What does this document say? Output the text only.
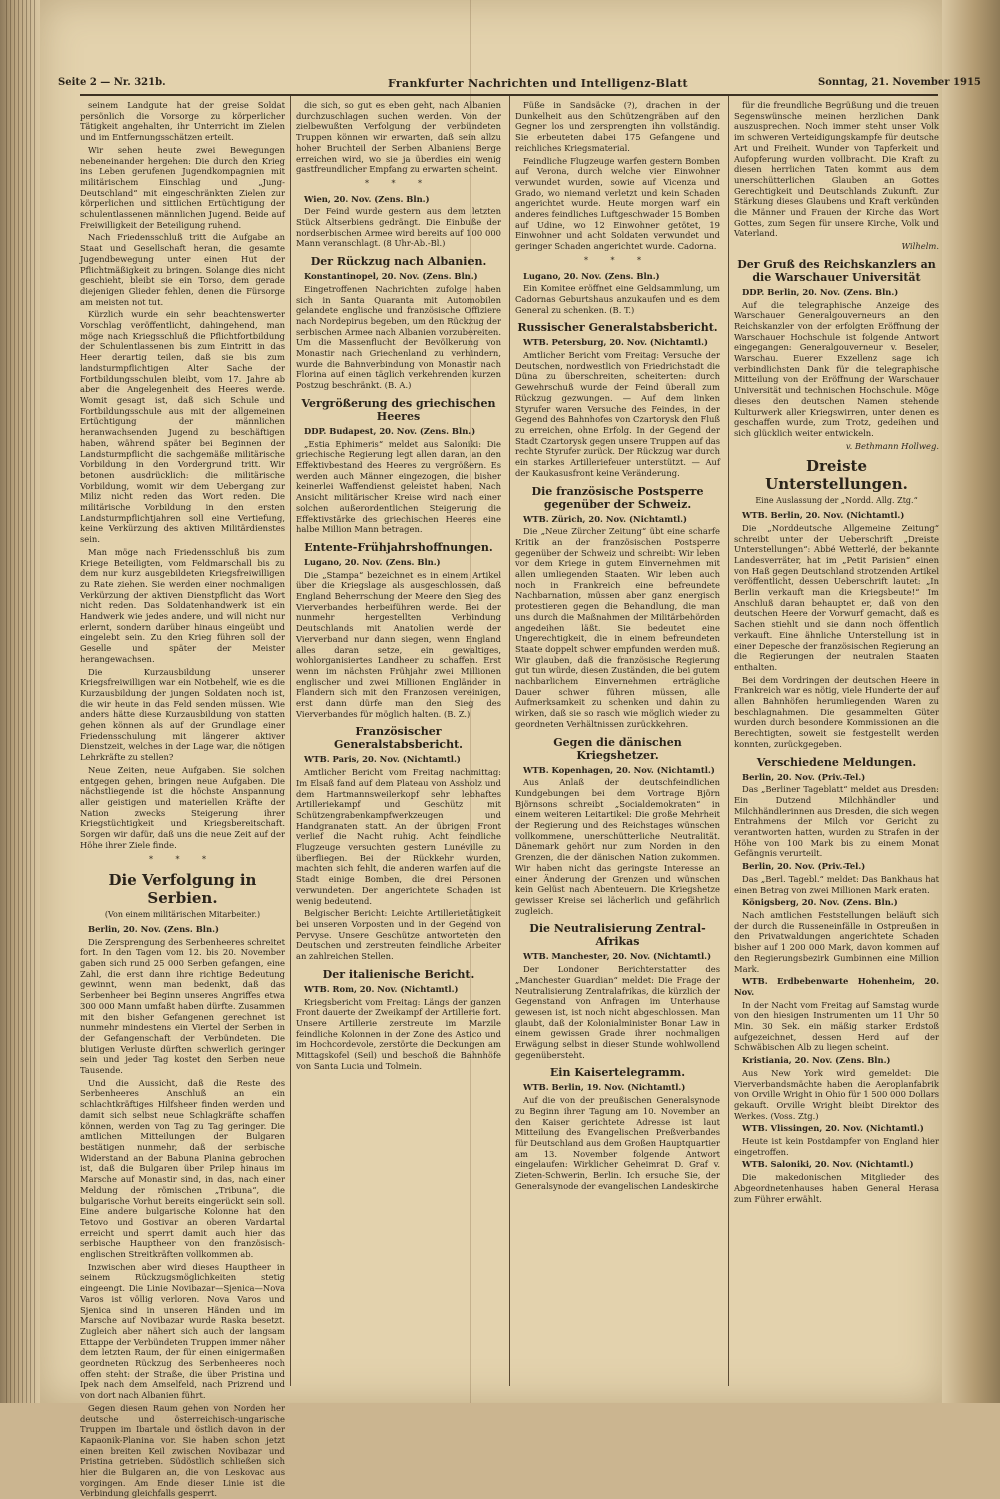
Seite 2 — Nr. 321b.	Frankfurter Nachrichten und Intelligenz-Blatt	Sonntag, 21. November 1915

seinem Landgute hat der greise Soldat persönlich die Vorsorge zu körperlicher Tätigkeit angehalten, ihr Unterricht im Zielen und im Entfernungsschätzen erteilt.

Wir sehen heute zwei Bewegungen nebeneinander hergehen: Die durch den Krieg ins Leben gerufenen Jugendkompagnien mit militärischem Einschlag und „Jung-Deutschland“ mit eingeschränkten Zielen zur körperlichen und sittlichen Ertüchtigung der schulentlassenen männlichen Jugend. Beide auf Freiwilligkeit der Beteiligung ruhend.

Nach Friedensschluß tritt die Aufgabe an Staat und Gesellschaft heran, die gesamte Jugendbewegung unter einen Hut der Pflichtmäßigkeit zu bringen. Solange dies nicht geschieht, bleibt sie ein Torso, dem gerade diejenigen Glieder fehlen, denen die Fürsorge am meisten not tut.

Kürzlich wurde ein sehr beachtenswerter Vorschlag veröffentlicht, dahingehend, man möge nach Kriegsschluß die Pflichtfortbildung der Schulentlassenen bis zum Eintritt in das Heer derartig teilen, daß sie bis zum landsturmpflichtigen Alter Sache der Fortbildungsschulen bleibt, vom 17. Jahre ab aber die Angelegenheit des Heeres werde. Womit gesagt ist, daß sich Schule und Fortbildungsschule aus mit der allgemeinen Ertüchtigung der männlichen heranwachsenden Jugend zu beschäftigen haben, während später bei Beginnen der Landsturmpflicht die sachgemäße militärische Vorbildung in den Vordergrund tritt. Wir betonen ausdrücklich: die militärische Vorbildung, womit wir dem Uebergang zur Miliz nicht reden das Wort reden. Die militärische Vorbildung in den ersten Landsturmpflichtjahren soll eine Vertiefung, keine Verkürzung des aktiven Militärdienstes sein.

Man möge nach Friedensschluß bis zum Kriege Beteiligten, vom Feldmarschall bis zu dem nur kurz ausgebildeten Kriegsfreiwilligen zu Rate ziehen. Sie werden einer nochmaligen Verkürzung der aktiven Dienstpflicht das Wort nicht reden. Das Soldatenhandwerk ist ein Handwerk wie jedes andere, und will nicht nur erlernt, sondern darüber hinaus eingeübt und eingelebt sein. Zu den Krieg führen soll der Geselle und später der Meister herangewachsen.

Die Kurzausbildung unserer Kriegsfreiwilligen war ein Notbehelf, wie es die Kurzausbildung der jungen Soldaten noch ist, die wir heute in das Feld senden müssen. Wie anders hätte diese Kurzausbildung von statten gehen können als auf der Grundlage einer Friedensschulung mit längerer aktiver Dienstzeit, welches in der Lage war, die nötigen Lehrkräfte zu stellen?

Neue Zeiten, neue Aufgaben. Sie solchen entgegen gehen, bringen neue Aufgaben. Die nächstliegende ist die höchste Anspannung aller geistigen und materiellen Kräfte der Nation zwecks Steigerung ihrer Kriegstüchtigkeit und Kriegsbereitschaft. Sorgen wir dafür, daß uns die neue Zeit auf der Höhe ihrer Ziele finde.

* * *
Die Verfolgung in Serbien.
(Von einem militärischen Mitarbeiter.)

Berlin, 20. Nov. (Zens. Bln.)

Die Zersprengung des Serbenheeres schreitet fort. In den Tagen vom 12. bis 20. November gaben sich rund 25 000 Serben gefangen, eine Zahl, die erst dann ihre richtige Bedeutung gewinnt, wenn man bedenkt, daß das Serbenheer bei Beginn unseres Angriffes etwa 300 000 Mann umfaßt haben dürfte. Zusammen mit den bisher Gefangenen gerechnet ist nunmehr mindestens ein Viertel der Serben in der Gefangenschaft der Verbündeten. Die blutigen Verluste dürften schwerlich geringer sein und jeder Tag kostet den Serben neue Tausende.

Und die Aussicht, daß die Reste des Serbenheeres Anschluß an ein schlachtkräftiges Hilfsheer finden werden und damit sich selbst neue Schlagkräfte schaffen können, werden von Tag zu Tag geringer. Die amtlichen Mitteilungen der Bulgaren bestätigen nunmehr, daß der serbische Widerstand an der Babuna Planina gebrochen ist, daß die Bulgaren über Prilep hinaus im Marsche auf Monastir sind, in das, nach einer Meldung der römischen „Tribuna“, die bulgarische Vorhut bereits eingerückt sein soll. Eine andere bulgarische Kolonne hat den Tetovo und Gostivar an oberen Vardartal erreicht und sperrt damit auch hier das serbische Hauptheer von den französisch-englischen Streitkräften vollkommen ab.

Inzwischen aber wird dieses Hauptheer in seinem Rückzugsmöglichkeiten stetig eingeengt. Die Linie Novibazar—Sjenica—Nova Varos ist völlig verloren. Nova Varos und Sjenica sind in unseren Händen und im Marsche auf Novibazar wurde Raska besetzt. Zugleich aber nähert sich auch der langsam Ettappe der Verbündeten Truppen immer näher dem letzten Raum, der für einen einigermaßen geordneten Rückzug des Serbenheeres noch offen steht: der Straße, die über Pristina und Ipek nach dem Amselfeld, nach Prizrend und von dort nach Albanien führt.

Gegen diesen Raum gehen von Norden her deutsche und österreichisch-ungarische Truppen im Ibartale und östlich davon in der Kapaonik-Planina vor. Sie haben schon jetzt einen breiten Keil zwischen Novibazar und Pristina getrieben. Südöstlich schließen sich hier die Bulgaren an, die von Leskovac aus vorgingen. Am Ende dieser Linie ist die Verbindung gleichfalls gesperrt.

die sich, so gut es eben geht, nach Albanien durchzuschlagen suchen werden. Von der zielbewußten Verfolgung der verbündeten Truppen können wir erwarten, daß sein allzu hoher Bruchteil der Serben Albaniens Berge erreichen wird, wo sie ja überdies ein wenig gastfreundlicher Empfang zu erwarten scheint.

* * *

Wien, 20. Nov. (Zens. Bln.)

Der Feind wurde gestern aus dem letzten Stück Altserbiens gedrängt. Die Einbuße der nordserbischen Armee wird bereits auf 100 000 Mann veranschlagt. (8 Uhr-Ab.-Bl.)

Der Rückzug nach Albanien.

Konstantinopel, 20. Nov. (Zens. Bln.)

Eingetroffenen Nachrichten zufolge haben sich in Santa Quaranta mit Automobilen gelandete englische und französische Offiziere nach Nordepirus begeben, um den Rückzug der serbischen Armee nach Albanien vorzubereiten. Um die Massenflucht der Bevölkerung von Monastir nach Griechenland zu verhindern, wurde die Bahnverbindung von Monastir nach Florina auf einen täglich verkehrenden kurzen Postzug beschränkt. (B. A.)

Vergrößerung des griechischen Heeres

DDP. Budapest, 20. Nov. (Zens. Bln.)

„Estia Ephimeris“ meldet aus Saloniki: Die griechische Regierung legt allen daran, an den Effektivbestand des Heeres zu vergrößern. Es werden auch Männer eingezogen, die bisher keinerlei Waffendienst geleistet haben. Nach Ansicht militärischer Kreise wird nach einer solchen außerordentlichen Steigerung die Effektivstärke des griechischen Heeres eine halbe Million Mann betragen.

Entente-Frühjahrshoffnungen.

Lugano, 20. Nov. (Zens. Bln.)

Die „Stampa“ bezeichnet es in einem Artikel über die Kriegslage als ausgeschlossen, daß England Beherrschung der Meere den Sieg des Vierverbandes herbeiführen werde. Bei der nunmehr hergestellten Verbindung Deutschlands mit Anatolien werde der Vierverband nur dann siegen, wenn England alles daran setze, ein gewaltiges, wohlorganisiertes Landheer zu schaffen. Erst wenn im nächsten Frühjahr zwei Millionen englischer und zwei Millionen Engländer in Flandern sich mit den Franzosen vereinigen, erst dann dürfe man den Sieg des Vierverbandes für möglich halten. (B. Z.)

Französischer Generalstabsbericht.

WTB. Paris, 20. Nov. (Nichtamtl.)

Amtlicher Bericht vom Freitag nachmittag: Im Elsaß fand auf dem Plateau von Assholz und dem Hartmannsweilerkopf sehr lebhaftes Artilleriekampf und Geschütz mit Schützengrabenkampfwerkzeugen und Handgranaten statt. An der übrigen Front verlief die Nacht ruhig. Acht feindliche Flugzeuge versuchten gestern Lunéville zu überfliegen. Bei der Rückkehr wurden, machten sich fehlt, die anderen warfen auf die Stadt einige Bomben, die drei Personen verwundeten. Der angerichtete Schaden ist wenig bedeutend.

Belgischer Bericht: Leichte Artillerietätigkeit bei unseren Vorposten und in der Gegend von Pervyse. Unsere Geschütze antworteten den Deutschen und zerstreuten feindliche Arbeiter an zahlreichen Stellen.

Der italienische Bericht.

WTB. Rom, 20. Nov. (Nichtamtl.)

Kriegsbericht vom Freitag: Längs der ganzen Front dauerte der Zweikampf der Artillerie fort. Unsere Artillerie zerstreute im Marzile feindliche Kolonnen in der Zone des Astico und im Hochcordevole, zerstörte die Deckungen am Mittagskofel (Seil) und beschoß die Bahnhöfe von Santa Lucia und Tolmein.

Füße in Sandsäcke (?), drachen in der Dunkelheit aus den Schützengräben auf den Gegner los und zersprengten ihn vollständig. Sie erbeuteten dabei 175 Gefangene und reichliches Kriegsmaterial.

Feindliche Flugzeuge warfen gestern Bomben auf Verona, durch welche vier Einwohner verwundet wurden, sowie auf Vicenza und Grado, wo niemand verletzt und kein Schaden angerichtet wurde. Heute morgen warf ein anderes feindliches Luftgeschwader 15 Bomben auf Udine, wo 12 Einwohner getötet, 19 Einwohner und acht Soldaten verwundet und geringer Schaden angerichtet wurde. Cadorna.

* * *

Lugano, 20. Nov. (Zens. Bln.)

Ein Komitee eröffnet eine Geldsammlung, um Cadornas Geburtshaus anzukaufen und es dem General zu schenken. (B. T.)

Russischer Generalstabsbericht.

WTB. Petersburg, 20. Nov. (Nichtamtl.)

Amtlicher Bericht vom Freitag: Versuche der Deutschen, nordwestlich von Friedrichstadt die Düna zu überschreiten, scheiterten: durch Gewehrschuß wurde der Feind überall zum Rückzug gezwungen. — Auf dem linken Styrufer waren Versuche des Feindes, in der Gegend des Bahnhofes von Czartorysk den Fluß zu erreichen, ohne Erfolg. In der Gegend der Stadt Czartorysk gegen unsere Truppen auf das rechte Styrufer zurück. Der Rückzug war durch ein starkes Artilleriefeuer unterstützt. — Auf der Kaukasusfront keine Veränderung.

Die französische Postsperre gegenüber der Schweiz.

WTB. Zürich, 20. Nov. (Nichtamtl.)

Die „Neue Zürcher Zeitung“ übt eine scharfe Kritik an der französischen Postsperre gegenüber der Schweiz und schreibt: Wir leben vor dem Kriege in gutem Einvernehmen mit allen umliegenden Staaten. Wir leben auch noch in Frankreich eine befreundete Nachbarnation, müssen aber ganz energisch protestieren gegen die Behandlung, die man uns durch die Maßnahmen der Militärbehörden angedeihen läßt. Sie bedeutet eine Ungerechtigkeit, die in einem befreundeten Staate doppelt schwer empfunden werden muß. Wir glauben, daß die französische Regierung gut tun würde, diesen Zuständen, die bei gutem nachbarlichem Einvernehmen erträgliche Dauer schwer führen müssen, alle Aufmerksamkeit zu schenken und dahin zu wirken, daß sie so rasch wie möglich wieder zu geordneten Verhältnissen zurückkehren.

Gegen die dänischen Kriegshetzer.

WTB. Kopenhagen, 20. Nov. (Nichtamtl.)

Aus Anlaß der deutschfeindlichen Kundgebungen bei dem Vortrage Björn Björnsons schreibt „Socialdemokraten“ in einem weiteren Leitartikel: Die große Mehrheit der Regierung und des Reichstages wünschen vollkommene, unerschütterliche Neutralität. Dänemark gehört nur zum Norden in den Grenzen, die der dänischen Nation zukommen. Wir haben nicht das geringste Interesse an einer Änderung der Grenzen und wünschen kein Gelüst nach Abenteuern. Die Kriegshetze gewisser Kreise sei lächerlich und gefährlich zugleich.

Die Neutralisierung Zentral-Afrikas

WTB. Manchester, 20. Nov. (Nichtamtl.)

Der Londoner Berichterstatter des „Manchester Guardian“ meldet: Die Frage der Neutralisierung Zentralafrikas, die kürzlich der Gegenstand von Anfragen im Unterhause gewesen ist, ist noch nicht abgeschlossen. Man glaubt, daß der Kolonialminister Bonar Law in einem gewissen Grade ihrer nochmaligen Erwägung selbst in dieser Stunde wohlwollend gegenübersteht.

Ein Kaisertelegramm.

WTB. Berlin, 19. Nov. (Nichtamtl.)

Auf die von der preußischen Generalsynode zu Beginn ihrer Tagung am 10. November an den Kaiser gerichtete Adresse ist laut Mitteilung des Evangelischen Preßverbandes für Deutschland aus dem Großen Hauptquartier am 13. November folgende Antwort eingelaufen: Wirklicher Geheimrat D. Graf v. Zieten-Schwerin, Berlin. Ich ersuche Sie, der Generalsynode der evangelischen Landeskirche

für die freundliche Begrüßung und die treuen Segenswünsche meinen herzlichen Dank auszusprechen. Noch immer steht unser Volk im schweren Verteidigungskampfe für deutsche Art und Freiheit. Wunder von Tapferkeit und Aufopferung wurden vollbracht. Die Kraft zu diesen herrlichen Taten kommt aus dem unerschütterlichen Glauben an Gottes Gerechtigkeit und Deutschlands Zukunft. Zur Stärkung dieses Glaubens und Kraft verkünden die Männer und Frauen der Kirche das Wort Gottes, zum Segen für unsere Kirche, Volk und Vaterland.

Wilhelm.

Der Gruß des Reichskanzlers an die Warschauer Universität

DDP. Berlin, 20. Nov. (Zens. Bln.)

Auf die telegraphische Anzeige des Warschauer Generalgouverneurs an den Reichskanzler von der erfolgten Eröffnung der Warschauer Hochschule ist folgende Antwort eingegangen: Generalgouverneur v. Beseler, Warschau. Euerer Exzellenz sage ich verbindlichsten Dank für die telegraphische Mitteilung von der Eröffnung der Warschauer Universität und technischen Hochschule. Möge dieses den deutschen Namen stehende Kulturwerk aller Kriegswirren, unter denen es geschaffen wurde, zum Trotz, gedeihen und sich glücklich weiter entwickeln.

v. Bethmann Hollweg.

Dreiste Unterstellungen.
Eine Auslassung der „Nordd. Allg. Ztg.“

WTB. Berlin, 20. Nov. (Nichtamtl.)

Die „Norddeutsche Allgemeine Zeitung“ schreibt unter der Ueberschrift „Dreiste Unterstellungen“: Abbé Wetterlé, der bekannte Landesverräter, hat im „Petit Parisien“ einen von Haß gegen Deutschland strotzenden Artikel veröffentlicht, dessen Ueberschrift lautet: „In Berlin verkauft man die Kriegsbeute!“ Im Anschluß daran behauptet er, daß von den deutschen Heere der Vorwurf gemacht, daß es Sachen stiehlt und sie dann noch öffentlich verkauft. Eine ähnliche Unterstellung ist in einer Depesche der französischen Regierung an die Regierungen der neutralen Staaten enthalten.

Bei dem Vordringen der deutschen Heere in Frankreich war es nötig, viele Hunderte der auf allen Bahnhöfen herumliegenden Waren zu beschlagnahmen. Die gesammelten Güter wurden durch besondere Kommissionen an die Berechtigten, soweit sie festgestellt werden konnten, zurückgegeben.

Verschiedene Meldungen.

Berlin, 20. Nov. (Priv.-Tel.)

Das „Berliner Tageblatt“ meldet aus Dresden: Ein Dutzend Milchhändler und Milchhändlerinnen aus Dresden, die sich wegen Entrahmens der Milch vor Gericht zu verantworten hatten, wurden zu Strafen in der Höhe von 100 Mark bis zu einem Monat Gefängnis verurteilt.

Berlin, 20. Nov. (Priv.-Tel.)

Das „Berl. Tagebl.“ meldet: Das Bankhaus hat einen Betrag von zwei Millionen Mark eraten.

Königsberg, 20. Nov. (Zens. Bln.)

Nach amtlichen Feststellungen beläuft sich der durch die Russeneinfälle in Ostpreußen in den Privatwaldungen angerichtete Schaden bisher auf 1 200 000 Mark, davon kommen auf den Regierungsbezirk Gumbinnen eine Million Mark.

WTB. Erdbebenwarte Hohenheim, 20. Nov.

In der Nacht vom Freitag auf Samstag wurde von den hiesigen Instrumenten um 11 Uhr 50 Min. 30 Sek. ein mäßig starker Erdstoß aufgezeichnet, dessen Herd auf der Schwäbischen Alb zu liegen scheint.

Kristiania, 20. Nov. (Zens. Bln.)

Aus New York wird gemeldet: Die Vierverbandsmächte haben die Aeroplanfabrik von Orville Wright in Ohio für 1 500 000 Dollars gekauft. Orville Wright bleibt Direktor des Werkes. (Voss. Ztg.)

WTB. Vlissingen, 20. Nov. (Nichtamtl.)

Heute ist kein Postdampfer von England hier eingetroffen.

WTB. Saloniki, 20. Nov. (Nichtamtl.)

Die makedonischen Mitglieder des Abgeordnetenhauses haben General Herasa zum Führer erwählt.
